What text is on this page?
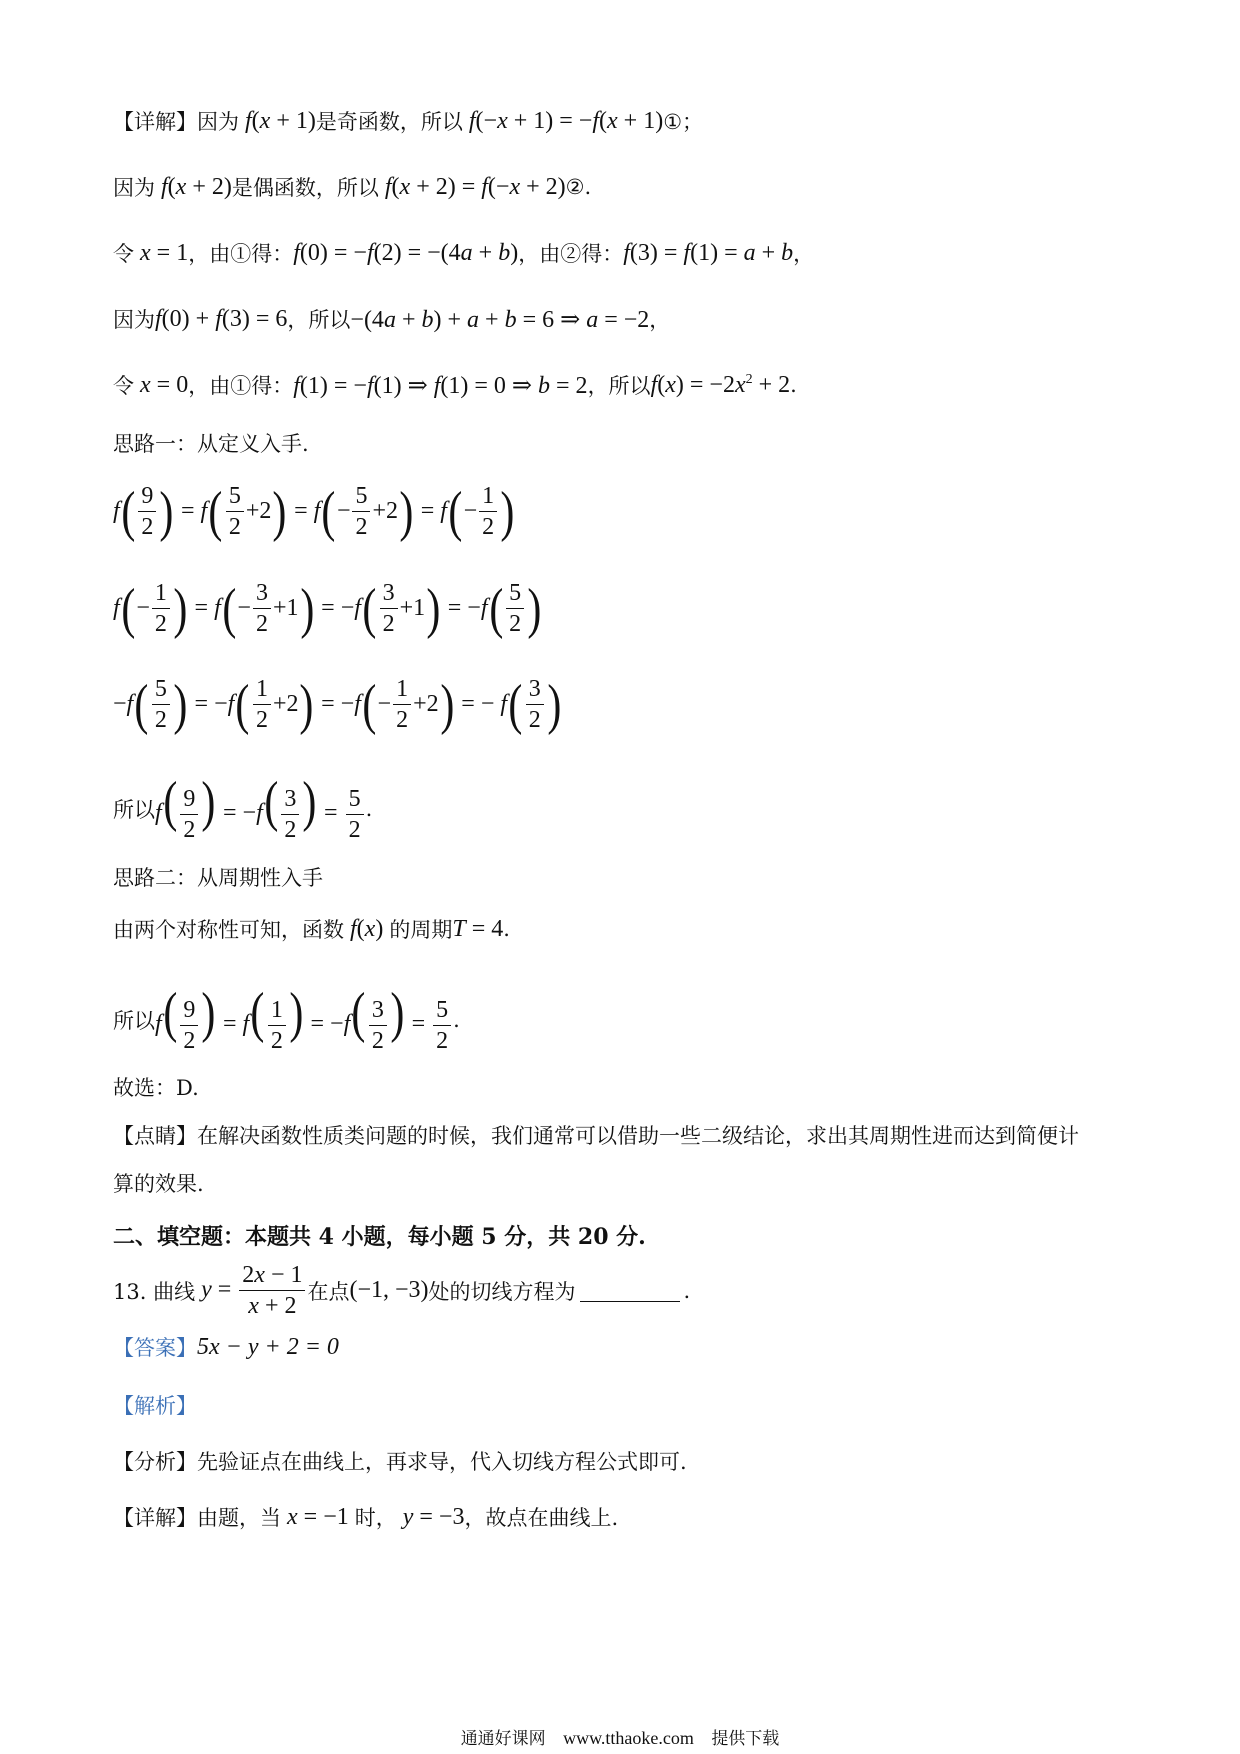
【详解】 因为 f(x + 1) 是奇函数，所以 f(−x + 1) = −f(x + 1) ①；
因为 f(x + 2) 是偶函数，所以 f(x + 2) = f(−x + 2) ②.
令 x = 1 ，由①得： f(0) = −f(2) = −(4a + b) ，由②得： f(3) = f(1) = a + b ，
因为 f(0) + f(3) = 6 ，所以 −(4a + b) + a + b = 6 ⇒ a = −2 ，
令 x = 0 ，由①得： f(1) = −f(1) ⇒ f(1) = 0 ⇒ b = 2 ，所以 $f(x) = -2x^2 + 2$ .
思路一：从定义入手.
f ( $\frac{9}{2}$ ) = f ( $\frac{5}{2} +2$ ) = f ( − $\frac{5}{2} +2$ ) = f ( − $\frac{1}{2}$ )
f ( − $\frac{1}{2}$ ) = f ( − $\frac{3}{2} +1$ ) = − f ( $\frac{3}{2} +1$ ) = − f ( $\frac{5}{2}$ )
− f ( $\frac{5}{2}$ ) = − f ( $\frac{1}{2} +2$ ) = − f ( − $\frac{1}{2} +2$ ) = − f ( $\frac{3}{2}$ )
所以 $f( \frac{9}{2}$ ) = $-f( \frac{3}{2}$ ) = $\frac{5}{2}$ .
思路二：从周期性入手
由两个对称性可知，函数 f(x) 的周期 T = 4 .
所以 $f( \frac{9}{2}$ ) = $f( \frac{1}{2}$ ) = $-f( \frac{3}{2}$ ) = $\frac{5}{2}$ .
故选：D.
【点睛】 在解决函数性质类问题的时候，我们通常可以借助一些二级结论，求出其周期性进而达到简便计
算的效果.
二、填空题：本题共 4 小题，每小题 5 分，共 20 分.
13. 曲线 $y = \frac{2x - 1}{x + 2}$ 在点 (−1, −3) 处的切线方程为	.
【答案】 5x − y + 2 = 0
【解析】
【分析】 先验证点在曲线上，再求导，代入切线方程公式即可.
【详解】 由题，当 x = −1 时， y = −3 ，故点在曲线上.
通通好课网 www.tthaoke.com 提供下载
